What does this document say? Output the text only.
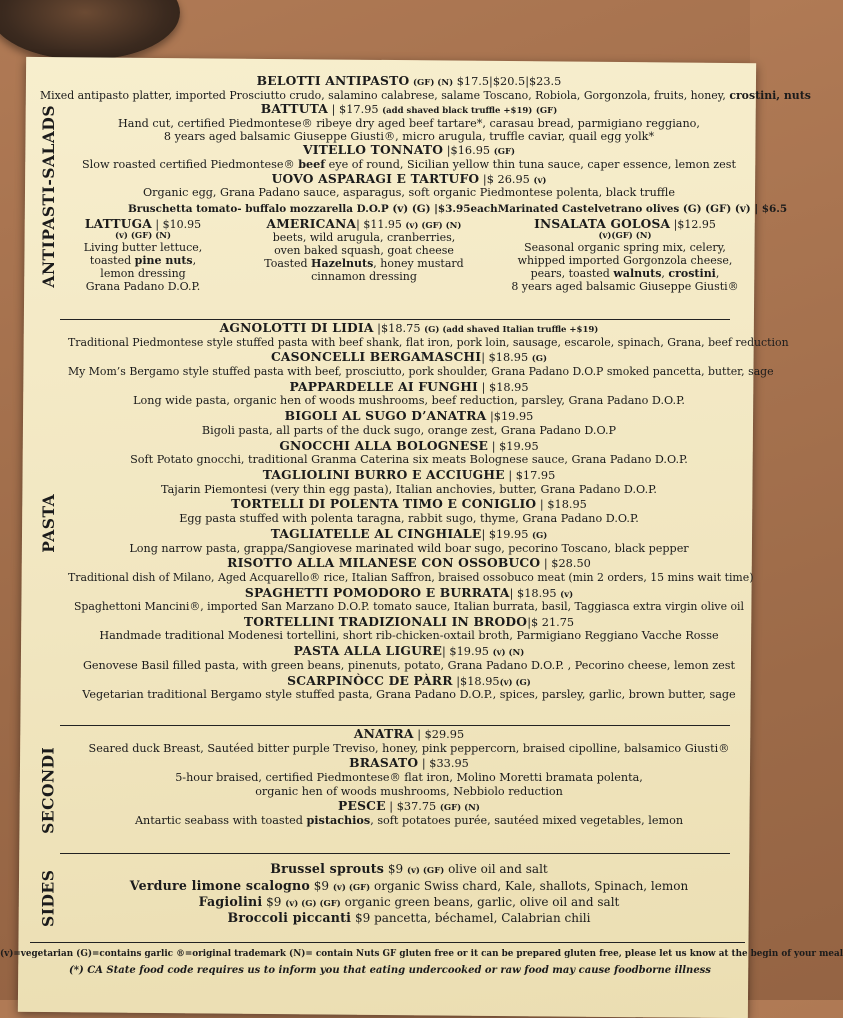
ANTIPASTI-SALADS
BELOTTI ANTIPASTO (GF) (N) $17.5|$20.5|$23.5
Mixed antipasto platter, imported Prosciutto crudo, salamino calabrese, salame Toscano, Robiola, Gorgonzola, fruits, honey, crostini, nuts
BATTUTA | $17.95 (add shaved black truffle +$19) (GF)
Hand cut, certified Piedmontese® ribeye dry aged beef tartare*, carasau bread, parmigiano reggiano,
8 years aged balsamic Giuseppe Giusti®, micro arugula, truffle caviar, quail egg yolk*
VITELLO TONNATO |$16.95 (GF)
Slow roasted certified Piedmontese® beef eye of round, Sicilian yellow thin tuna sauce, caper essence, lemon zest
UOVO ASPARAGI E TARTUFO |$ 26.95 (v)
Organic egg, Grana Padano sauce, asparagus, soft organic Piedmontese polenta, black truffle
Bruschetta tomato- buffalo mozzarella D.O.P (v) (G) |$3.95each Marinated Castelvetrano olives (G) (GF) (v) | $6.5
LATTUGA | $10.95
(v) (GF) (N)
Living butter lettuce,
toasted pine nuts,
lemon dressing
Grana Padano D.O.P.
AMERICANA| $11.95 (v) (GF) (N)
beets, wild arugula, cranberries,
oven baked squash, goat cheese
Toasted Hazelnuts, honey mustard
cinnamon dressing
INSALATA GOLOSA |$12.95
(v)(GF) (N)
Seasonal organic spring mix, celery,
whipped imported Gorgonzola cheese,
pears, toasted walnuts, crostini,
8 years aged balsamic Giuseppe Giusti®
PASTA
AGNOLOTTI DI LIDIA |$18.75 (G) (add shaved Italian truffle +$19)
Traditional Piedmontese style stuffed pasta with beef shank, flat iron, pork loin, sausage, escarole, spinach, Grana, beef reduction
CASONCELLI BERGAMASCHI| $18.95 (G)
My Mom’s Bergamo style stuffed pasta with beef, prosciutto, pork shoulder, Grana Padano D.O.P smoked pancetta, butter, sage
PAPPARDELLE AI FUNGHI | $18.95
Long wide pasta, organic hen of woods mushrooms, beef reduction, parsley, Grana Padano D.O.P.
BIGOLI AL SUGO D’ANATRA |$19.95
Bigoli pasta, all parts of the duck sugo, orange zest, Grana Padano D.O.P
GNOCCHI ALLA BOLOGNESE | $19.95
Soft Potato gnocchi, traditional Granma Caterina six meats Bolognese sauce, Grana Padano D.O.P.
TAGLIOLINI BURRO E ACCIUGHE | $17.95
Tajarin Piemontesi (very thin egg pasta), Italian anchovies, butter, Grana Padano D.O.P.
TORTELLI DI POLENTA TIMO E CONIGLIO | $18.95
Egg pasta stuffed with polenta taragna, rabbit sugo, thyme, Grana Padano D.O.P.
TAGLIATELLE AL CINGHIALE| $19.95 (G)
Long narrow pasta, grappa/Sangiovese marinated wild boar sugo, pecorino Toscano, black pepper
RISOTTO ALLA MILANESE CON OSSOBUCO | $28.50
Traditional dish of Milano, Aged Acquarello® rice, Italian Saffron, braised ossobuco meat (min 2 orders, 15 mins wait time)
SPAGHETTI POMODORO E BURRATA| $18.95 (v)
Spaghettoni Mancini®, imported San Marzano D.O.P. tomato sauce, Italian burrata, basil, Taggiasca extra virgin olive oil
TORTELLINI TRADIZIONALI IN BRODO|$ 21.75
Handmade traditional Modenesi tortellini, short rib-chicken-oxtail broth, Parmigiano Reggiano Vacche Rosse
PASTA ALLA LIGURE| $19.95 (v) (N)
Genovese Basil filled pasta, with green beans, pinenuts, potato, Grana Padano D.O.P. , Pecorino cheese, lemon zest
SCARPINÒCC DE PÀRR |$18.95(v) (G)
Vegetarian traditional Bergamo style stuffed pasta, Grana Padano D.O.P., spices, parsley, garlic, brown butter, sage
SECONDI
ANATRA | $29.95
Seared duck Breast, Sautéed bitter purple Treviso, honey, pink peppercorn, braised cipolline, balsamico Giusti®
BRASATO | $33.95
5-hour braised, certified Piedmontese® flat iron, Molino Moretti bramata polenta,
organic hen of woods mushrooms, Nebbiolo reduction
PESCE | $37.75 (GF) (N)
Antartic seabass with toasted pistachios, soft potatoes purée, sautéed mixed vegetables, lemon
SIDES
Brussel sprouts $9 (v) (GF) olive oil and salt
Verdure limone scalogno $9 (v) (GF) organic Swiss chard, Kale, shallots, Spinach, lemon
Fagiolini $9 (v) (G) (GF) organic green beans, garlic, olive oil and salt
Broccoli piccanti $9 pancetta, béchamel, Calabrian chili
(v)=vegetarian (G)=contains garlic ®=original trademark (N)= contain Nuts GF gluten free or it can be prepared gluten free, please let us know at the begin of your meal
(*) CA State food code requires us to inform you that eating undercooked or raw food may cause foodborne illness
